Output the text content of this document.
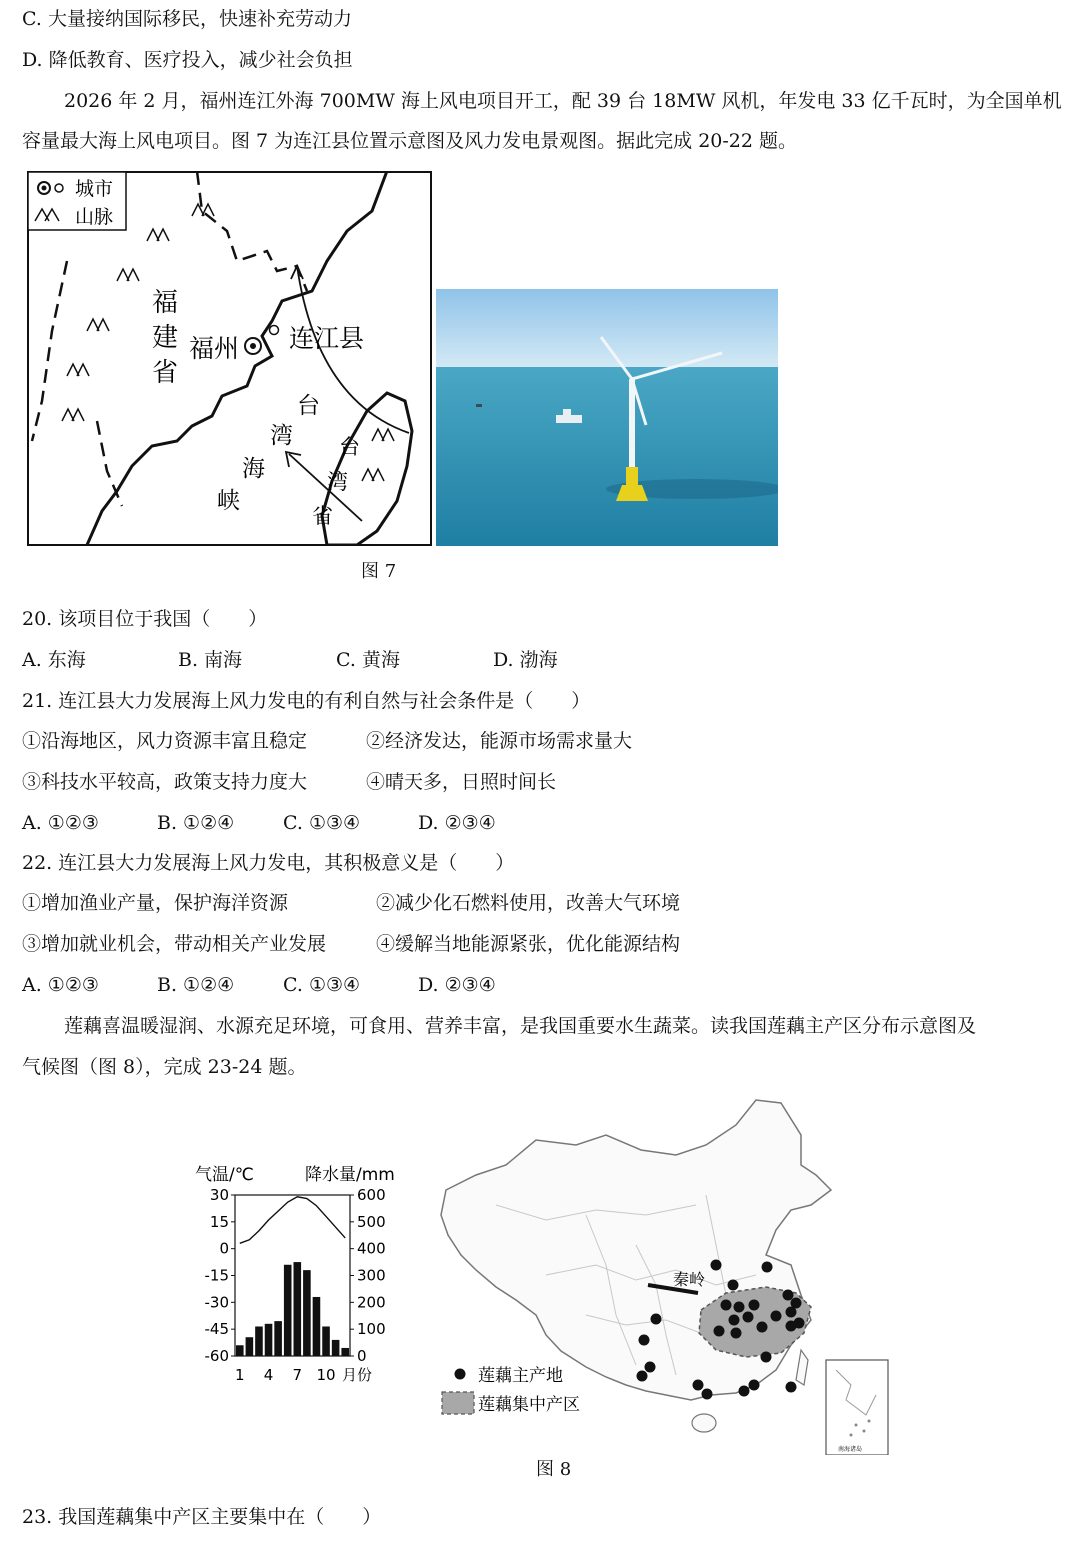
C. 大量接纳国际移民，快速补充劳动力
D. 降低教育、医疗投入，减少社会负担
2026 年 2 月，福州连江外海 700MW 海上风电项目开工，配 39 台 18MW 风机，年发电 33 亿千瓦时，为全国单机
容量最大海上风电项目。图 7 为连江县位置示意图及风力发电景观图。据此完成 20-22 题。
城市
山脉
福
建
省
福州 连江县
台
湾
海
峡
台
湾
省
图 7
20. 该项目位于我国（　　）
A. 东海	B. 南海	C. 黄海	D. 渤海
21. 连江县大力发展海上风力发电的有利自然与社会条件是（　　）
①沿海地区，风力资源丰富且稳定	②经济发达，能源市场需求量大
③科技水平较高，政策支持力度大	④晴天多，日照时间长
A. ①②③	B. ①②④	C. ①③④	D. ②③④
22. 连江县大力发展海上风力发电，其积极意义是（　　）
①增加渔业产量，保护海洋资源	②减少化石燃料使用，改善大气环境
③增加就业机会，带动相关产业发展	④缓解当地能源紧张，优化能源结构
A. ①②③	B. ①②④	C. ①③④	D. ②③④
莲藕喜温暖湿润、水源充足环境，可食用、营养丰富，是我国重要水生蔬菜。读我国莲藕主产区分布示意图及
气候图（图 8），完成 23-24 题。
气温/℃	降水量/mm
30
15
0
-15
-30
-45
-60
600
500
400
300
200
100
0
1 4 7 10 月份
秦岭
莲藕主产地
莲藕集中产区
南海诸岛
图 8
23. 我国莲藕集中产区主要集中在（　　）
